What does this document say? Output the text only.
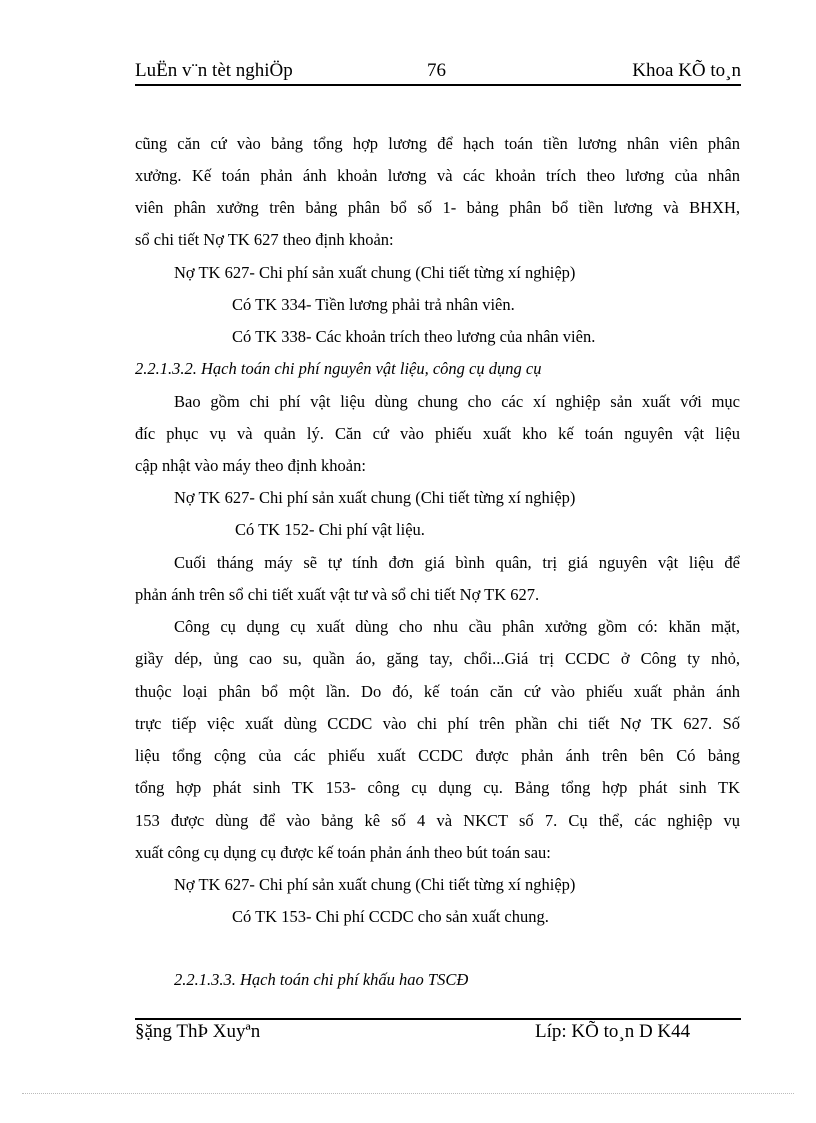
LuËn v¨n tèt nghiÖp	76	Khoa KÕ to¸n
cũng căn cứ vào bảng tổng hợp lương để hạch toán tiền lương nhân viên phân
xưởng. Kế toán phản ánh khoản lương và các khoản trích theo lương của nhân
viên phân xưởng trên bảng phân bổ số 1- bảng phân bổ tiền lương và BHXH,
sổ chi tiết Nợ TK 627 theo định khoản:
Nợ TK 627- Chi phí sản xuất chung (Chi tiết từng xí nghiệp)
Có TK 334- Tiền lương phải trả nhân viên.
Có TK 338- Các khoản trích theo lương của nhân viên.
2.2.1.3.2. Hạch toán chi phí nguyên vật liệu, công cụ dụng cụ
Bao gồm chi phí vật liệu dùng chung cho các xí nghiệp sản xuất với mục
đíc phục vụ và quản lý. Căn cứ vào phiếu xuất kho kế toán nguyên vật liệu
cập nhật vào máy theo định khoản:
Nợ TK 627- Chi phí sản xuất chung (Chi tiết từng xí nghiệp)
Có TK 152- Chi phí vật liệu.
Cuối tháng máy sẽ tự tính đơn giá bình quân, trị giá nguyên vật liệu để
phản ánh trên sổ chi tiết xuất vật tư và sổ chi tiết Nợ TK 627.
Công cụ dụng cụ xuất dùng cho nhu cầu phân xưởng gồm có: khăn mặt,
giầy dép, ủng cao su, quần áo, găng tay, chổi...Giá trị CCDC ở Công ty nhỏ,
thuộc loại phân bổ một lần. Do đó, kế toán căn cứ vào phiếu xuất phản ánh
trực tiếp việc xuất dùng CCDC vào chi phí trên phần chi tiết Nợ TK 627. Số
liệu tổng cộng của các phiếu xuất CCDC được phản ánh trên bên Có bảng
tổng hợp phát sinh TK 153- công cụ dụng cụ. Bảng tổng hợp phát sinh TK
153 được dùng để vào bảng kê số 4 và NKCT số 7. Cụ thể, các nghiệp vụ
xuất công cụ dụng cụ được kế toán phản ánh theo bút toán sau:
Nợ TK 627- Chi phí sản xuất chung (Chi tiết từng xí nghiệp)
Có TK 153- Chi phí CCDC cho sản xuất chung.
2.2.1.3.3. Hạch toán chi phí khấu hao TSCĐ
§ặng ThÞ Xuyªn	Líp: KÕ to¸n D K44
